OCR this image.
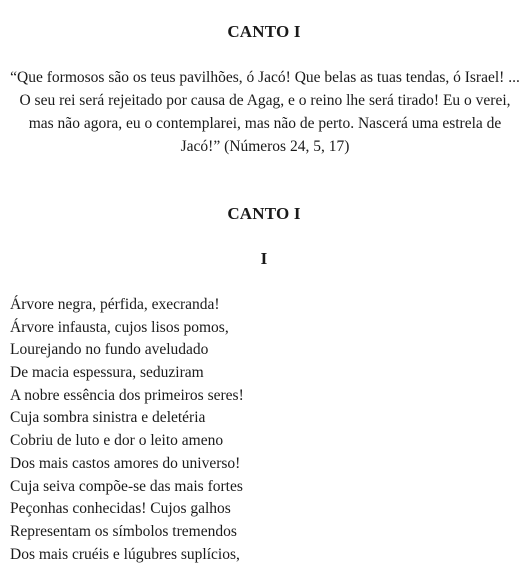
CANTO I

“Que formosos são os teus pavilhões, ó Jacó! Que belas as tuas tendas, ó Israel! ... O seu rei será rejeitado por causa de Agag, e o reino lhe será tirado! Eu o verei, mas não agora, eu o contemplarei, mas não de perto. Nascerá uma estrela de Jacó!” (Números 24, 5, 17)

CANTO I
I
Árvore negra, pérfida, execranda!
Árvore infausta, cujos lisos pomos,
Lourejando no fundo aveludado
De macia espessura, seduziram
A nobre essência dos primeiros seres!
Cuja sombra sinistra e deletéria
Cobriu de luto e dor o leito ameno
Dos mais castos amores do universo!
Cuja seiva compõe-se das mais fortes
Peçonhas conhecidas! Cujos galhos
Representam os símbolos tremendos
Dos mais cruéis e lúgubres suplícios,
